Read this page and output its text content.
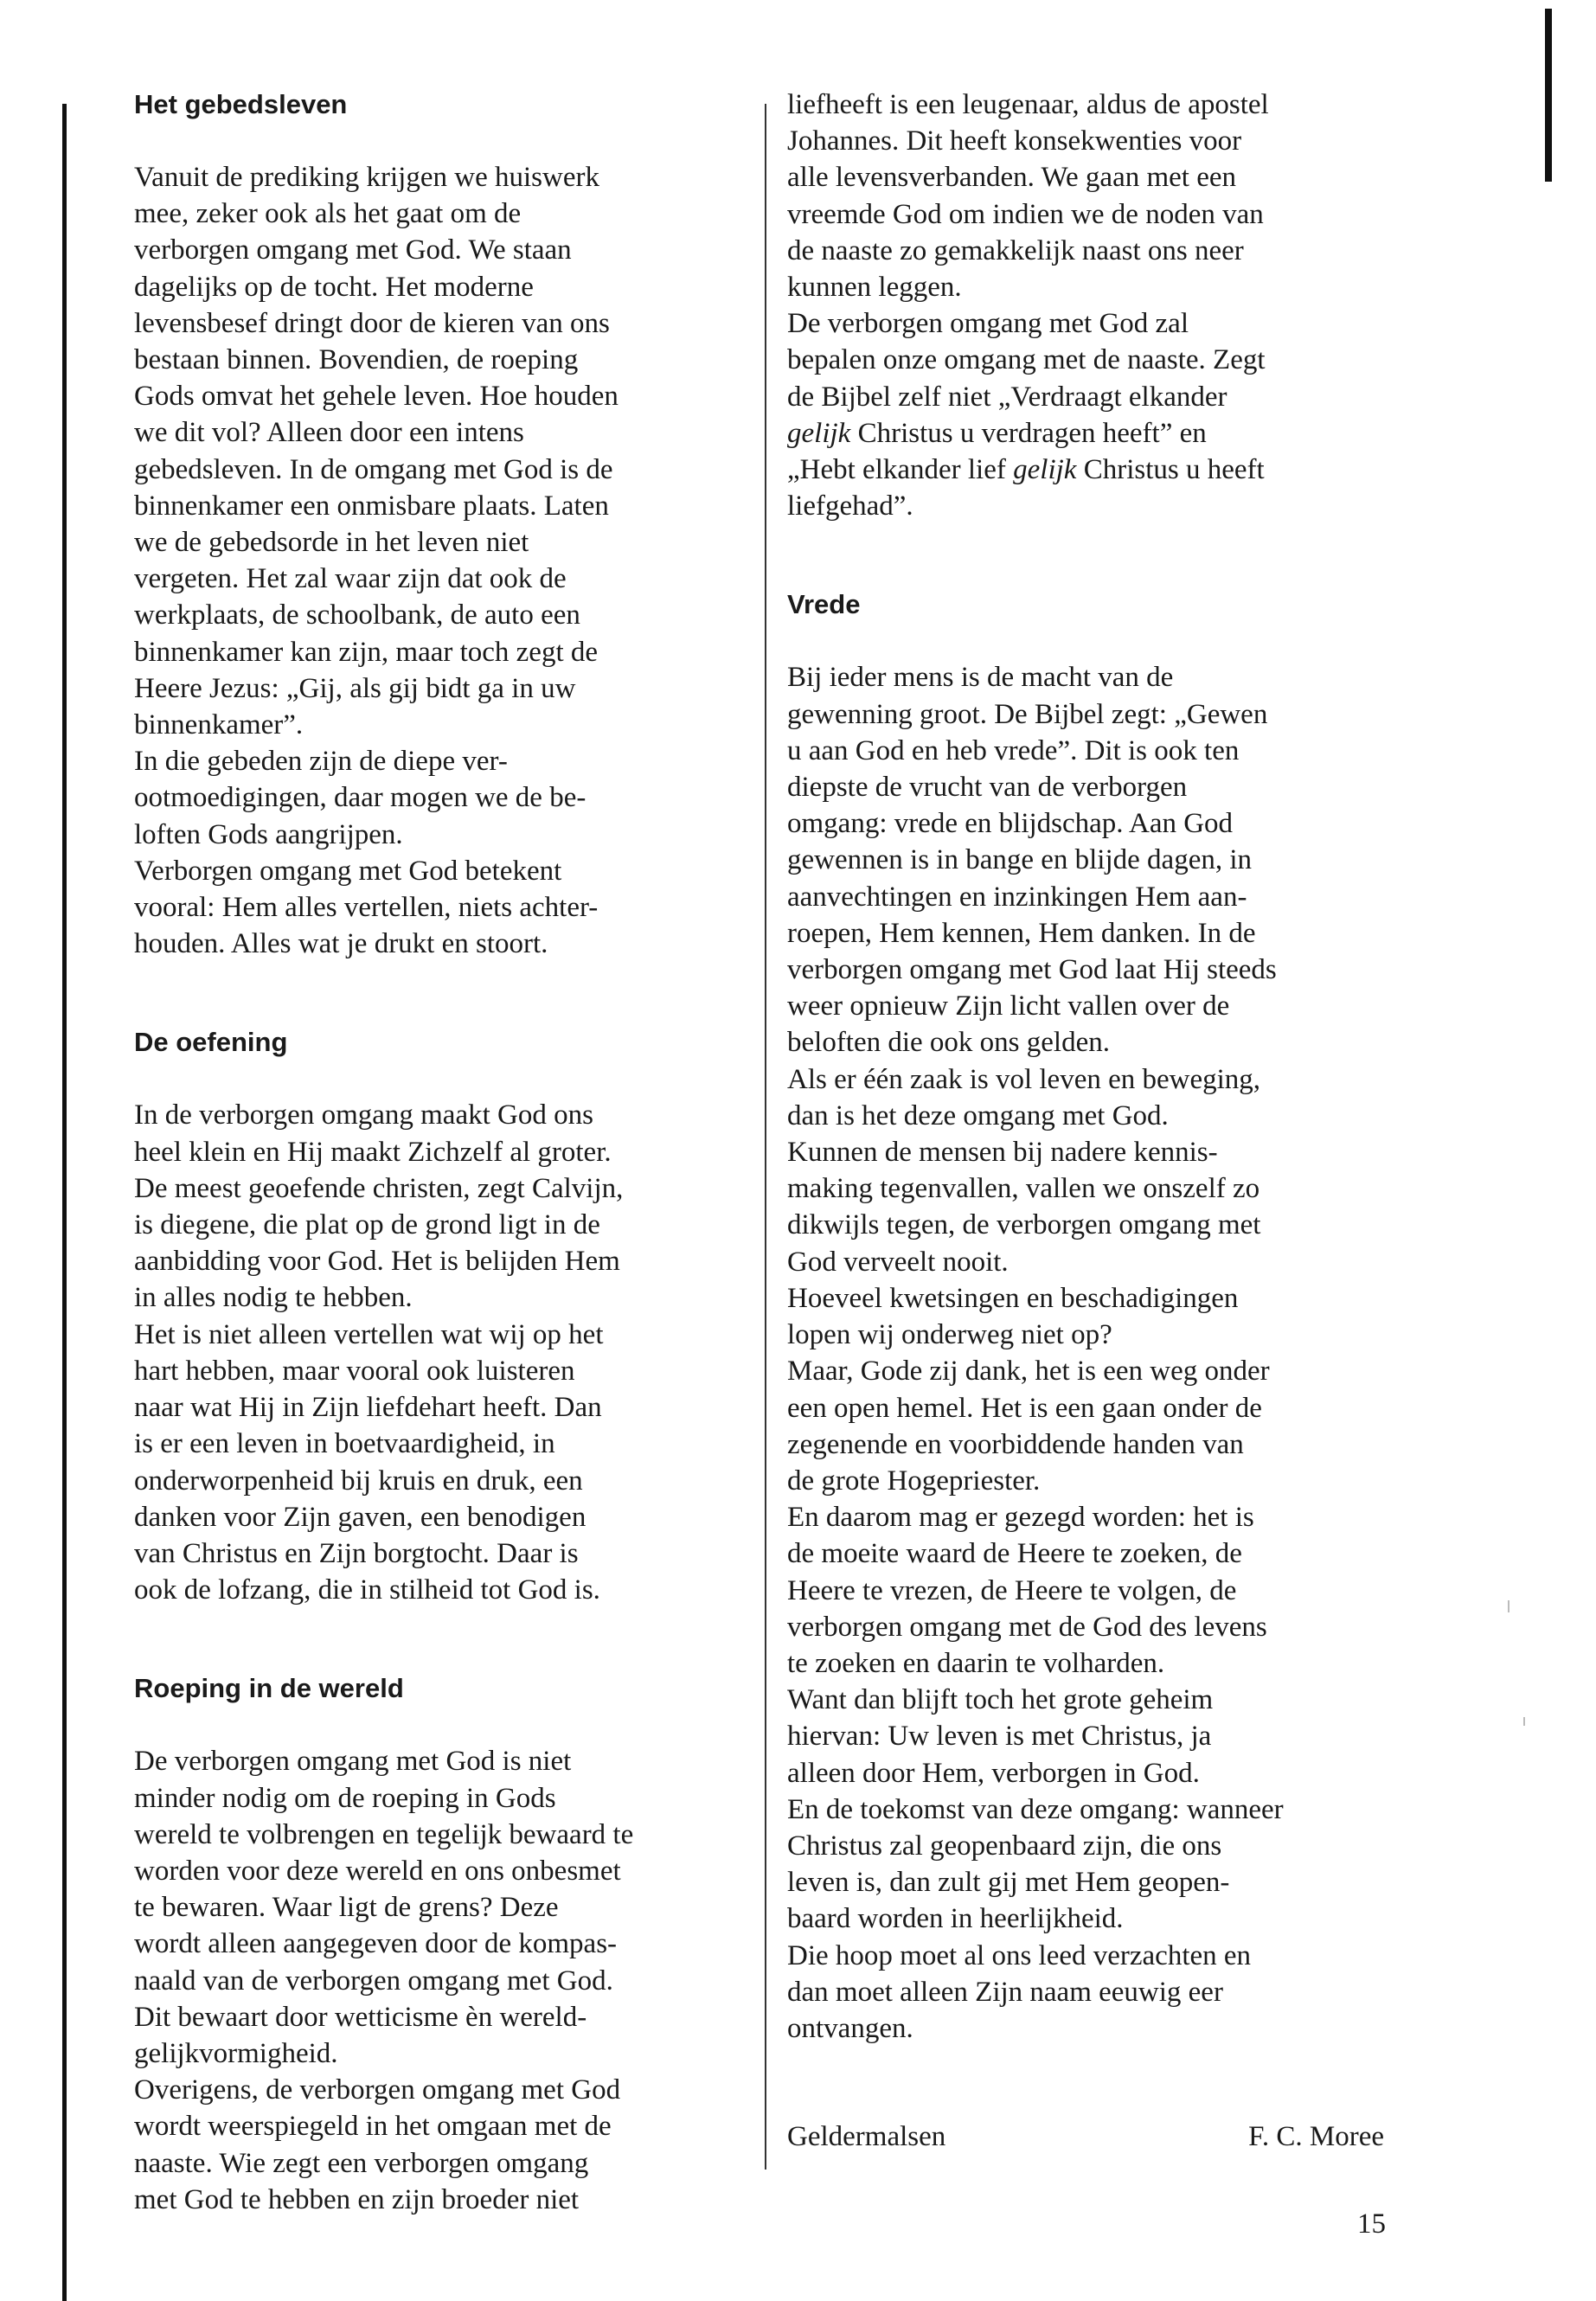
Het gebedsleven
Vanuit de prediking krijgen we huiswerk
mee, zeker ook als het gaat om de
verborgen omgang met God. We staan
dagelijks op de tocht. Het moderne
levensbesef dringt door de kieren van ons
bestaan binnen. Bovendien, de roeping
Gods omvat het gehele leven. Hoe houden
we dit vol? Alleen door een intens
gebedsleven. In de omgang met God is de
binnenkamer een onmisbare plaats. Laten
we de gebedsorde in het leven niet
vergeten. Het zal waar zijn dat ook de
werkplaats, de schoolbank, de auto een
binnenkamer kan zijn, maar toch zegt de
Heere Jezus: „Gij, als gij bidt ga in uw
binnenkamer”.
In die gebeden zijn de diepe ver-
ootmoedigingen, daar mogen we de be-
loften Gods aangrijpen.
Verborgen omgang met God betekent
vooral: Hem alles vertellen, niets achter-
houden. Alles wat je drukt en stoort.
De oefening
In de verborgen omgang maakt God ons
heel klein en Hij maakt Zichzelf al groter.
De meest geoefende christen, zegt Calvijn,
is diegene, die plat op de grond ligt in de
aanbidding voor God. Het is belijden Hem
in alles nodig te hebben.
Het is niet alleen vertellen wat wij op het
hart hebben, maar vooral ook luisteren
naar wat Hij in Zijn liefdehart heeft. Dan
is er een leven in boetvaardigheid, in
onderworpenheid bij kruis en druk, een
danken voor Zijn gaven, een benodigen
van Christus en Zijn borgtocht. Daar is
ook de lofzang, die in stilheid tot God is.
Roeping in de wereld
De verborgen omgang met God is niet
minder nodig om de roeping in Gods
wereld te volbrengen en tegelijk bewaard te
worden voor deze wereld en ons onbesmet
te bewaren. Waar ligt de grens? Deze
wordt alleen aangegeven door de kompas-
naald van de verborgen omgang met God.
Dit bewaart door wetticisme èn wereld-
gelijkvormigheid.
Overigens, de verborgen omgang met God
wordt weerspiegeld in het omgaan met de
naaste. Wie zegt een verborgen omgang
met God te hebben en zijn broeder niet
liefheeft is een leugenaar, aldus de apostel
Johannes. Dit heeft konsekwenties voor
alle levensverbanden. We gaan met een
vreemde God om indien we de noden van
de naaste zo gemakkelijk naast ons neer
kunnen leggen.
De verborgen omgang met God zal
bepalen onze omgang met de naaste. Zegt
de Bijbel zelf niet „Verdraagt elkander
gelijk Christus u verdragen heeft” en
„Hebt elkander lief gelijk Christus u heeft
liefgehad”.
Vrede
Bij ieder mens is de macht van de
gewenning groot. De Bijbel zegt: „Gewen
u aan God en heb vrede”. Dit is ook ten
diepste de vrucht van de verborgen
omgang: vrede en blijdschap. Aan God
gewennen is in bange en blijde dagen, in
aanvechtingen en inzinkingen Hem aan-
roepen, Hem kennen, Hem danken. In de
verborgen omgang met God laat Hij steeds
weer opnieuw Zijn licht vallen over de
beloften die ook ons gelden.
Als er één zaak is vol leven en beweging,
dan is het deze omgang met God.
Kunnen de mensen bij nadere kennis-
making tegenvallen, vallen we onszelf zo
dikwijls tegen, de verborgen omgang met
God verveelt nooit.
Hoeveel kwetsingen en beschadigingen
lopen wij onderweg niet op?
Maar, Gode zij dank, het is een weg onder
een open hemel. Het is een gaan onder de
zegenende en voorbiddende handen van
de grote Hogepriester.
En daarom mag er gezegd worden: het is
de moeite waard de Heere te zoeken, de
Heere te vrezen, de Heere te volgen, de
verborgen omgang met de God des levens
te zoeken en daarin te volharden.
Want dan blijft toch het grote geheim
hiervan: Uw leven is met Christus, ja
alleen door Hem, verborgen in God.
En de toekomst van deze omgang: wanneer
Christus zal geopenbaard zijn, die ons
leven is, dan zult gij met Hem geopen-
baard worden in heerlijkheid.
Die hoop moet al ons leed verzachten en
dan moet alleen Zijn naam eeuwig eer
ontvangen.
Geldermalsen	F. C. Moree
15
